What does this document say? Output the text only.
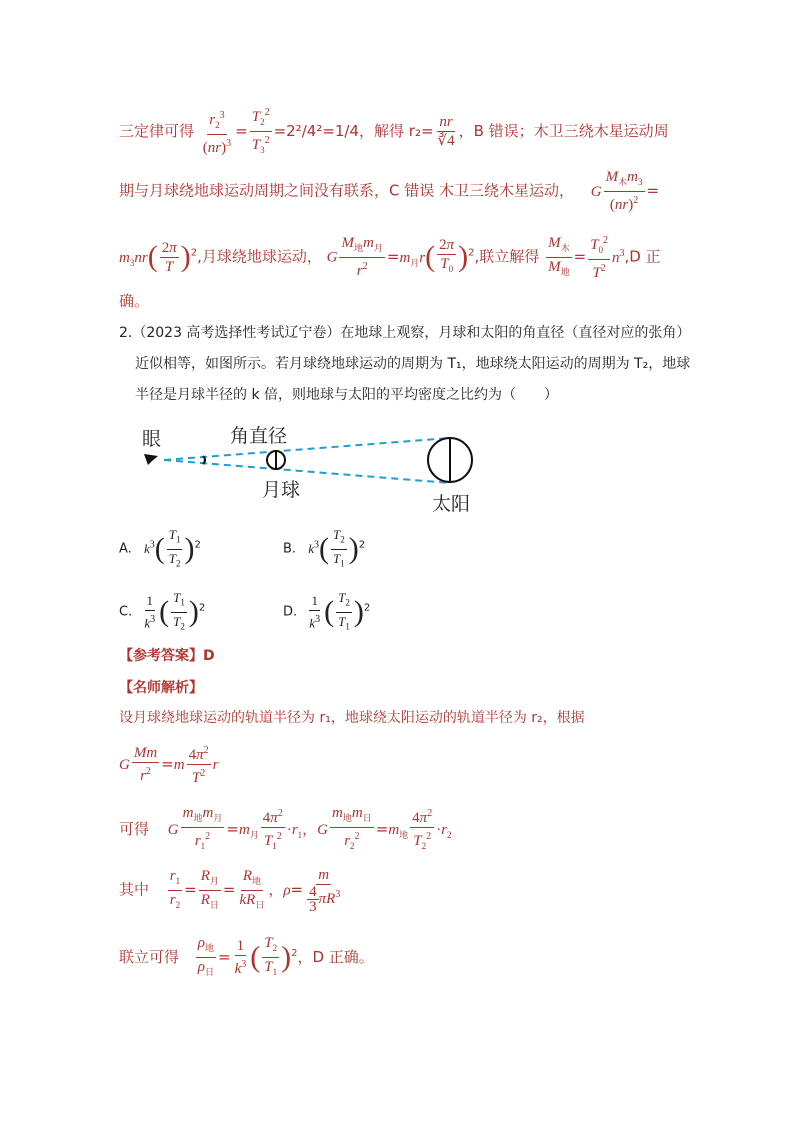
三定律可得 $\frac{r_2^3}{(nr)^3} = \frac{T_2^2}{T_3^2} =2^2/4^2=1/4$，解得 $r_2= \frac{nr}{∛4}$ ，B 错误；木卫三绕木星运动周
期与月球绕地球运动周期之间没有联系，C 错误 木卫三绕木星运动， G $\frac{M_木m_3}{(nr)^2}$ =
$m_3nr( \frac{2\pi}{T} )^2$,月球绕地球运动， G $\frac{M_地m_月}{r^2} =m_月r( \frac{2\pi}{T_0} )^2$,联立解得 $\frac{M_木}{M_地} = \frac{T_0^2}{T^2} n^3,D$ 正
确。
2.（2023 高考选择性考试辽宁卷）在地球上观察，月球和太阳的角直径（直径对应的张角）
近似相等，如图所示。若月球绕地球运动的周期为 T₁，地球绕太阳运动的周期为 T₂，地球
半径是月球半径的 k 倍，则地球与太阳的平均密度之比约为（　　）
眼	角直径
月球
太阳
A. $k^3( \frac{T_1}{T_2} )^2$	B. $k^3( \frac{T_2}{T_1} )^2$
C. $\frac{1}{k^3}$ ( $\frac{T_1}{T_2} )^2$	D. $\frac{1}{k^3}$ ( $\frac{T_2}{T_1} )^2$
【参考答案】D
【名师解析】
设月球绕地球运动的轨道半径为 r₁，地球绕太阳运动的轨道半径为 r₂，根据
G $\frac{Mm}{r^2} =m \frac{4\pi^2}{T^2}$ r
可得 G $\frac{m_地m_月}{r_1^2} =m_月 \frac{4\pi^2}{T_1^2} \cdot r_1$，G $\frac{m_地m_日}{r_2^2} =m_地 \frac{4\pi^2}{T_2^2} \cdot r_2$
其中 $\frac{r_1}{r_2} = \frac{R_月}{R_日} = \frac{R_地}{kR_日}$ ，$\rho= \frac{m}{\frac{4}{3} \pi R^3}$
联立可得 $\frac{\rho_地}{\rho_日} = \frac{1}{k^3}$ ( $\frac{T_2}{T_1} )^2$，D 正确。
